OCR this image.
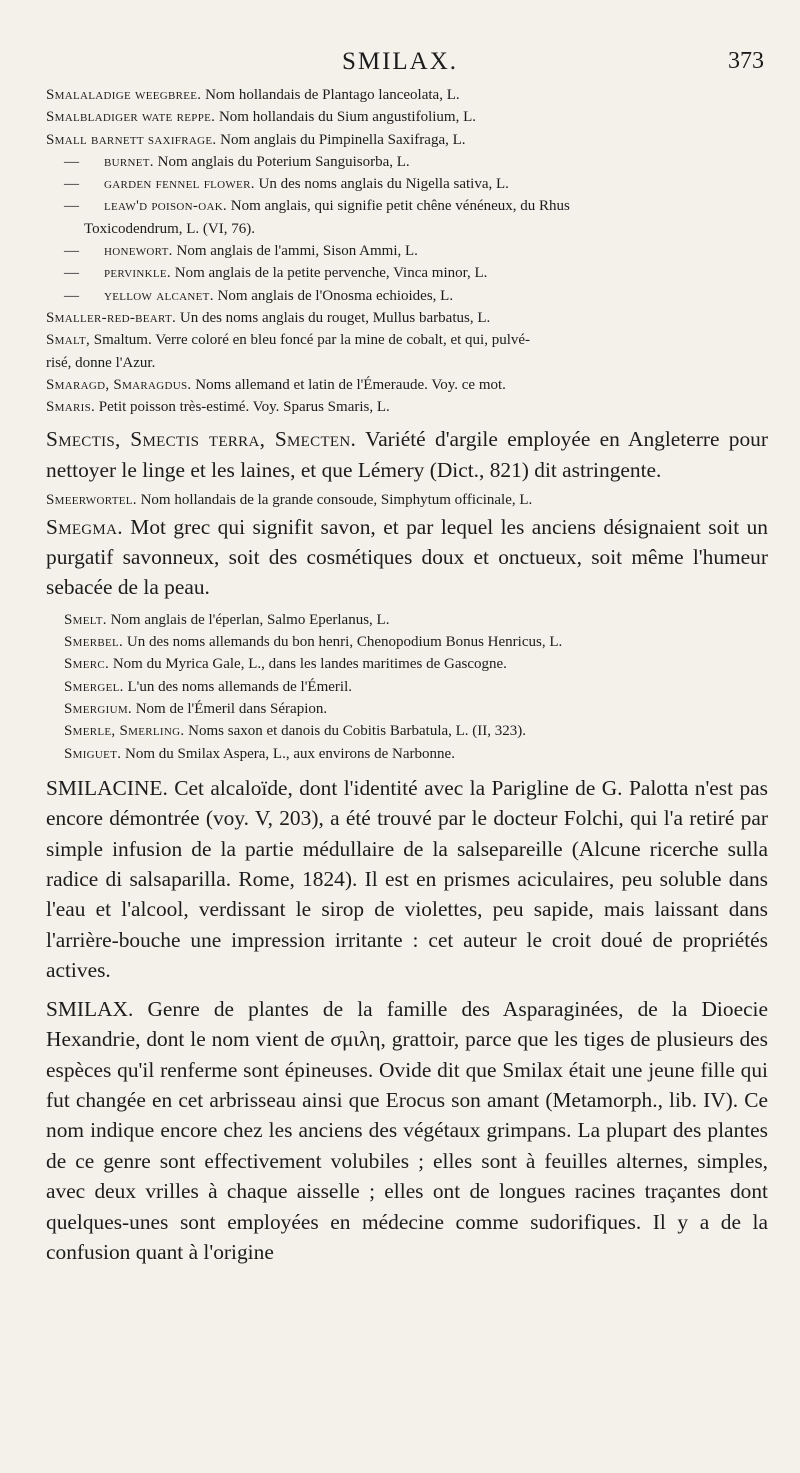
SMILAX.	373

Smalaladige weegbree. Nom hollandais de Plantago lanceolata, L.

Smalbladiger wate reppe. Nom hollandais du Sium angustifolium, L.

Small barnett saxifrage. Nom anglais du Pimpinella Saxifraga, L.

— burnet. Nom anglais du Poterium Sanguisorba, L.

— garden fennel flower. Un des noms anglais du Nigella sativa, L.

— leaw'd poison-oak. Nom anglais, qui signifie petit chêne vénéneux, du Rhus

Toxicodendrum, L. (VI, 76).

— honewort. Nom anglais de l'ammi, Sison Ammi, L.

— pervinkle. Nom anglais de la petite pervenche, Vinca minor, L.

— yellow alcanet. Nom anglais de l'Onosma echioides, L.

Smaller-red-beart. Un des noms anglais du rouget, Mullus barbatus, L.

Smalt, Smaltum. Verre coloré en bleu foncé par la mine de cobalt, et qui, pulvé-

risé, donne l'Azur.

Smaragd, Smaragdus. Noms allemand et latin de l'Émeraude. Voy. ce mot.

Smaris. Petit poisson très-estimé. Voy. Sparus Smaris, L.

Smectis, Smectis terra, Smecten. Variété d'argile employée en Angleterre pour nettoyer le linge et les laines, et que Lémery (Dict., 821) dit astringente.

Smeerwortel. Nom hollandais de la grande consoude, Simphytum officinale, L.

Smegma. Mot grec qui signifit savon, et par lequel les anciens désignaient soit un purgatif savonneux, soit des cosmétiques doux et onctueux, soit même l'humeur sebacée de la peau.

Smelt. Nom anglais de l'éperlan, Salmo Eperlanus, L.

Smerbel. Un des noms allemands du bon henri, Chenopodium Bonus Henricus, L.

Smerc. Nom du Myrica Gale, L., dans les landes maritimes de Gascogne.

Smergel. L'un des noms allemands de l'Émeril.

Smergium. Nom de l'Émeril dans Sérapion.

Smerle, Smerling. Noms saxon et danois du Cobitis Barbatula, L. (II, 323).

Smiguet. Nom du Smilax Aspera, L., aux environs de Narbonne.

SMILACINE. Cet alcaloïde, dont l'identité avec la Parigline de G. Palotta n'est pas encore démontrée (voy. V, 203), a été trouvé par le docteur Folchi, qui l'a retiré par simple infusion de la partie médullaire de la salsepareille (Alcune ricerche sulla radice di salsaparilla. Rome, 1824). Il est en prismes aciculaires, peu soluble dans l'eau et l'alcool, verdissant le sirop de violettes, peu sapide, mais laissant dans l'arrière-bouche une impression irritante : cet auteur le croit doué de propriétés actives.

SMILAX. Genre de plantes de la famille des Asparaginées, de la Dioecie Hexandrie, dont le nom vient de σμιλη, grattoir, parce que les tiges de plusieurs des espèces qu'il renferme sont épineuses. Ovide dit que Smilax était une jeune fille qui fut changée en cet arbrisseau ainsi que Erocus son amant (Metamorph., lib. IV). Ce nom indique encore chez les anciens des végétaux grimpans. La plupart des plantes de ce genre sont effectivement volubiles ; elles sont à feuilles alternes, simples, avec deux vrilles à chaque aisselle ; elles ont de longues racines traçantes dont quelques-unes sont employées en médecine comme sudorifiques. Il y a de la confusion quant à l'origine
